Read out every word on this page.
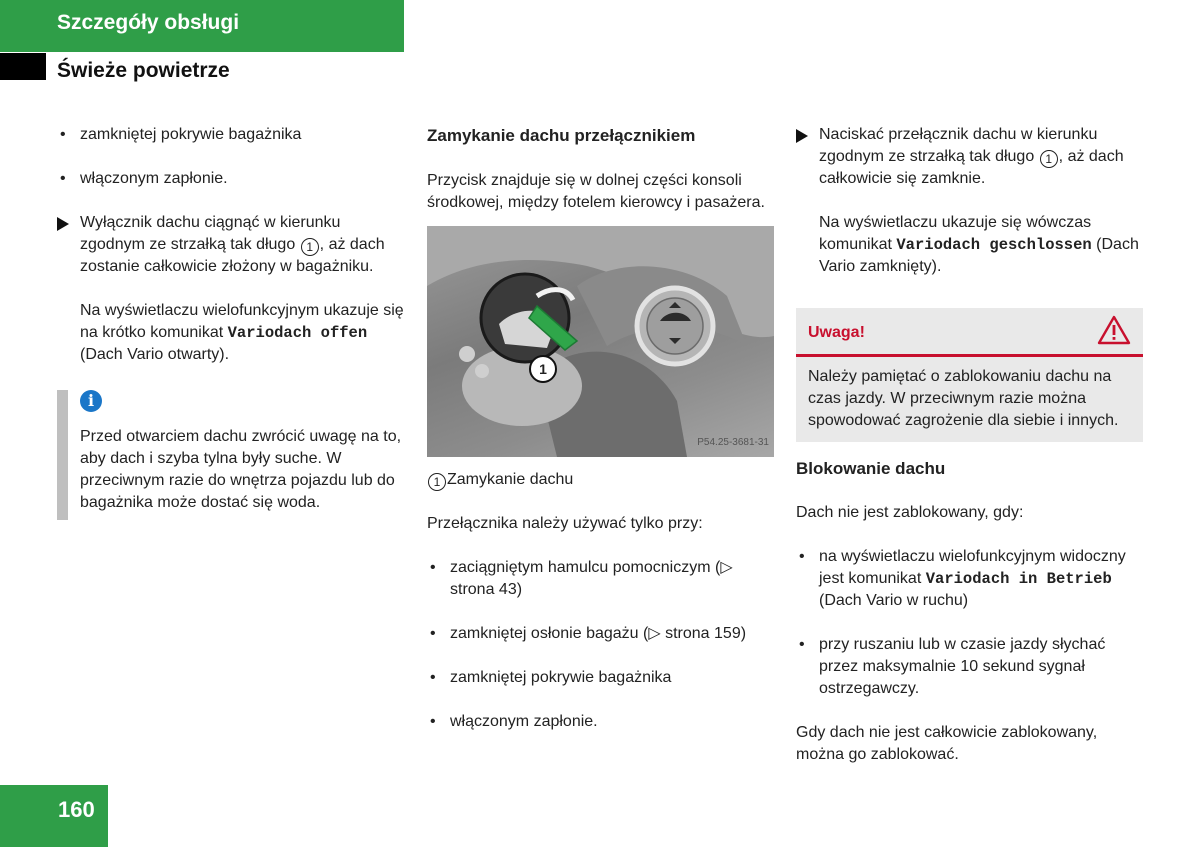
Szczegóły obsługi
Świeże powietrze

• zamkniętej pokrywie bagażnika

• włączonym zapłonie.

Wyłącznik dachu ciągnąć w kierunku zgodnym ze strzałką tak długo 1 , aż dach zostanie całkowicie złożony w bagażniku.

Na wyświetlaczu wielofunkcyjnym ukazuje się na krótko komunikat Variodach offen (Dach Vario otwarty).

i

Przed otwarciem dachu zwrócić uwagę na to, aby dach i szyba tylna były suche. W przeciwnym razie do wnętrza pojazdu lub do bagażnika może dostać się woda.

Zamykanie dachu przełącznikiem

Przycisk znajduje się w dolnej części konsoli środkowej, między fotelem kierowcy i pasażera.

1
P54.25-3681-31

1 Zamykanie dachu

Przełącznika należy używać tylko przy:

• zaciągniętym hamulcu pomocniczym (▷ strona 43)

• zamkniętej osłonie bagażu (▷ strona 159)

• zamkniętej pokrywie bagażnika

• włączonym zapłonie.

Naciskać przełącznik dachu w kierunku zgodnym ze strzałką tak długo 1 , aż dach całkowicie się zamknie.

Na wyświetlaczu ukazuje się wówczas komunikat Variodach geschlossen (Dach Vario zamknięty).

Uwaga!

Należy pamiętać o zablokowaniu dachu na czas jazdy. W przeciwnym razie można spowodować zagrożenie dla siebie i innych.

Blokowanie dachu

Dach nie jest zablokowany, gdy:

• na wyświetlaczu wielofunkcyjnym widoczny jest komunikat Variodach in Betrieb (Dach Vario w ruchu)

• przy ruszaniu lub w czasie jazdy słychać przez maksymalnie 10 sekund sygnał ostrzegawczy.

Gdy dach nie jest całkowicie zablokowany, można go zablokować.

160
